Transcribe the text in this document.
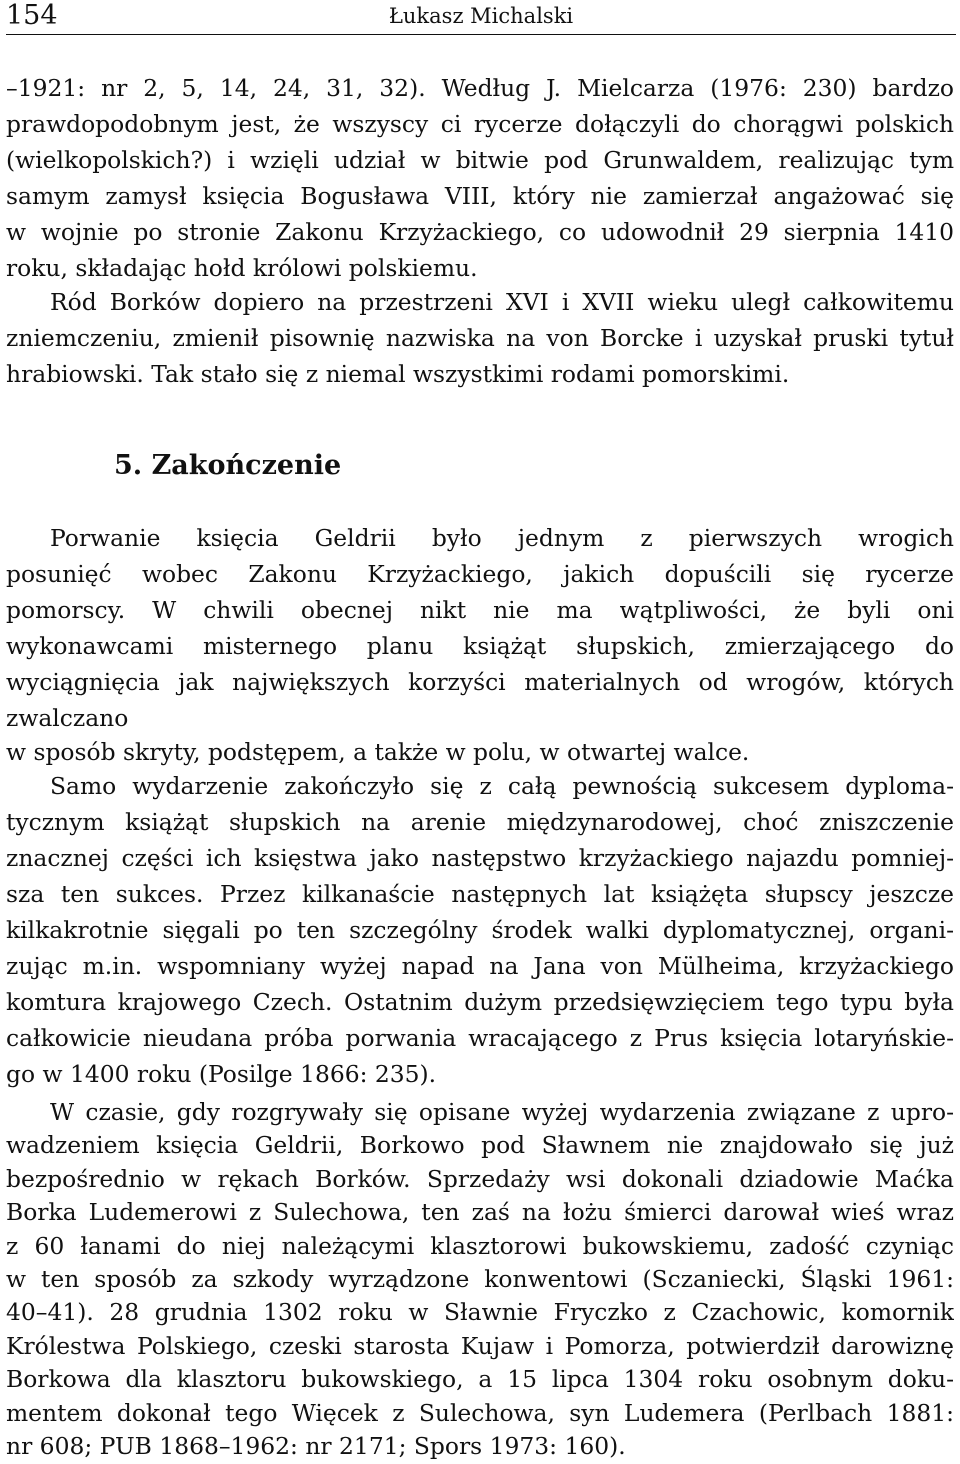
154	Łukasz Michalski
–1921: nr 2, 5, 14, 24, 31, 32). Według J. Mielcarza (1976: 230) bardzo
prawdopodobnym jest, że wszyscy ci rycerze dołączyli do chorągwi polskich
(wielkopolskich?) i wzięli udział w bitwie pod Grunwaldem, realizując tym
samym zamysł księcia Bogusława VIII, który nie zamierzał angażować się
w wojnie po stronie Zakonu Krzyżackiego, co udowodnił 29 sierpnia 1410
roku, składając hołd królowi polskiemu.
Ród Borków dopiero na przestrzeni XVI i XVII wieku uległ całkowitemu
zniemczeniu, zmienił pisownię nazwiska na von Borcke i uzyskał pruski tytuł
hrabiowski. Tak stało się z niemal wszystkimi rodami pomorskimi.
5. Zakończenie
Porwanie księcia Geldrii było jednym z pierwszych wrogich
posunięć wobec Zakonu Krzyżackiego, jakich dopuścili się rycerze
pomorscy. W chwili obecnej nikt nie ma wątpliwości, że byli oni
wykonawcami misternego planu książąt słupskich, zmierzającego do
wyciągnięcia jak największych korzyści materialnych od wrogów, których
zwalczano
w sposób skryty, podstępem, a także w polu, w otwartej walce.
Samo wydarzenie zakończyło się z całą pewnością sukcesem dyploma-
tycznym książąt słupskich na arenie międzynarodowej, choć zniszczenie
znacznej części ich księstwa jako następstwo krzyżackiego najazdu pomniej-
sza ten sukces. Przez kilkanaście następnych lat książęta słupscy jeszcze
kilkakrotnie sięgali po ten szczególny środek walki dyplomatycznej, organi-
zując m.in. wspomniany wyżej napad na Jana von Mülheima, krzyżackiego
komtura krajowego Czech. Ostatnim dużym przedsięwzięciem tego typu była
całkowicie nieudana próba porwania wracającego z Prus księcia lotaryńskie-
go w 1400 roku (Posilge 1866: 235).
W czasie, gdy rozgrywały się opisane wyżej wydarzenia związane z upro-
wadzeniem księcia Geldrii, Borkowo pod Sławnem nie znajdowało się już
bezpośrednio w rękach Borków. Sprzedaży wsi dokonali dziadowie Maćka
Borka Ludemerowi z Sulechowa, ten zaś na łożu śmierci darował wieś wraz
z 60 łanami do niej należącymi klasztorowi bukowskiemu, zadość czyniąc
w ten sposób za szkody wyrządzone konwentowi (Sczaniecki, Śląski 1961:
40–41). 28 grudnia 1302 roku w Sławnie Fryczko z Czachowic, komornik
Królestwa Polskiego, czeski starosta Kujaw i Pomorza, potwierdził darowiznę
Borkowa dla klasztoru bukowskiego, a 15 lipca 1304 roku osobnym doku-
mentem dokonał tego Więcek z Sulechowa, syn Ludemera (Perlbach 1881:
nr 608; PUB 1868–1962: nr 2171; Spors 1973: 160).
